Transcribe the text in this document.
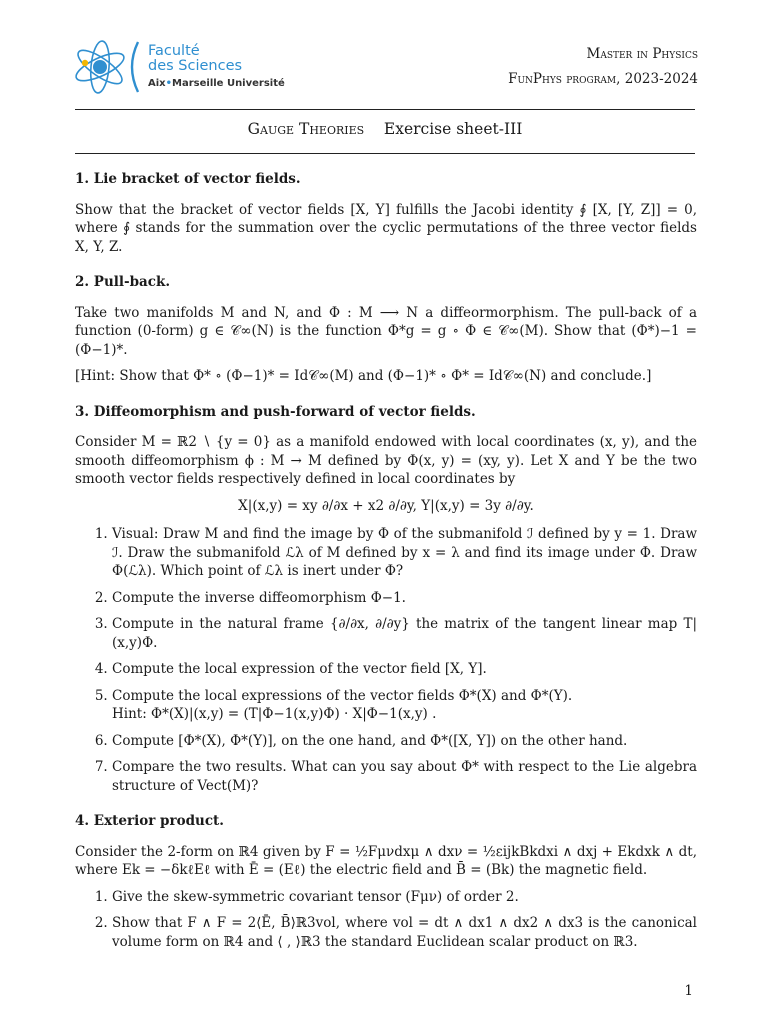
Faculté
des Sciences
Aix•Marseille Université
Master in Physics
FunPhys program, 2023-2024
Gauge Theories Exercise sheet-III
1. Lie bracket of vector fields.

Show that the bracket of vector fields [X, Y] fulfills the Jacobi identity ∮ [X, [Y, Z]] = 0, where ∮ stands for the summation over the cyclic permutations of the three vector fields X, Y, Z.

2. Pull-back.

Take two manifolds M and N, and Φ : M ⟶ N a diffeormorphism. The pull-back of a function (0-form) g ∈ 𝒞∞(N) is the function Φ*g = g ∘ Φ ∈ 𝒞∞(M). Show that (Φ*)−1 = (Φ−1)*.

[Hint: Show that Φ* ∘ (Φ−1)* = Id𝒞∞(M) and (Φ−1)* ∘ Φ* = Id𝒞∞(N) and conclude.]

3. Diffeomorphism and push-forward of vector fields.

Consider M = ℝ2 ∖ {y = 0} as a manifold endowed with local coordinates (x, y), and the smooth diffeomorphism ϕ : M → M defined by Φ(x, y) = (xy, y). Let X and Y be the two smooth vector fields respectively defined in local coordinates by

X|(x,y) = xy ∂/∂x + x2 ∂/∂y, Y|(x,y) = 3y ∂/∂y.
1. Visual: Draw M and find the image by Φ of the submanifold ℐ defined by y = 1. Draw ℐ. Draw the submanifold ℒλ of M defined by x = λ and find its image under Φ. Draw Φ(ℒλ). Which point of ℒλ is inert under Φ?
2. Compute the inverse diffeomorphism Φ−1.
3. Compute in the natural frame {∂/∂x, ∂/∂y} the matrix of the tangent linear map T|(x,y)Φ.
4. Compute the local expression of the vector field [X, Y].
5. Compute the local expressions of the vector fields Φ*(X) and Φ*(Y).
Hint: Φ*(X)|(x,y) = (T|Φ−1(x,y)Φ) · X|Φ−1(x,y) .
6. Compute [Φ*(X), Φ*(Y)], on the one hand, and Φ*([X, Y]) on the other hand.
7. Compare the two results. What can you say about Φ* with respect to the Lie algebra structure of Vect(M)?
4. Exterior product.

Consider the 2-form on ℝ4 given by F = ½Fμνdxμ ∧ dxν = ½εijkBkdxi ∧ dxj + Ekdxk ∧ dt, where Ek = −δkℓEℓ with Ē = (Eℓ) the electric field and B̄ = (Bk) the magnetic field.

1. Give the skew-symmetric covariant tensor (Fμν) of order 2.
2. Show that F ∧ F = 2⟨Ē, B̄⟩ℝ3vol, where vol = dt ∧ dx1 ∧ dx2 ∧ dx3 is the canonical volume form on ℝ4 and ⟨ , ⟩ℝ3 the standard Euclidean scalar product on ℝ3.
1
